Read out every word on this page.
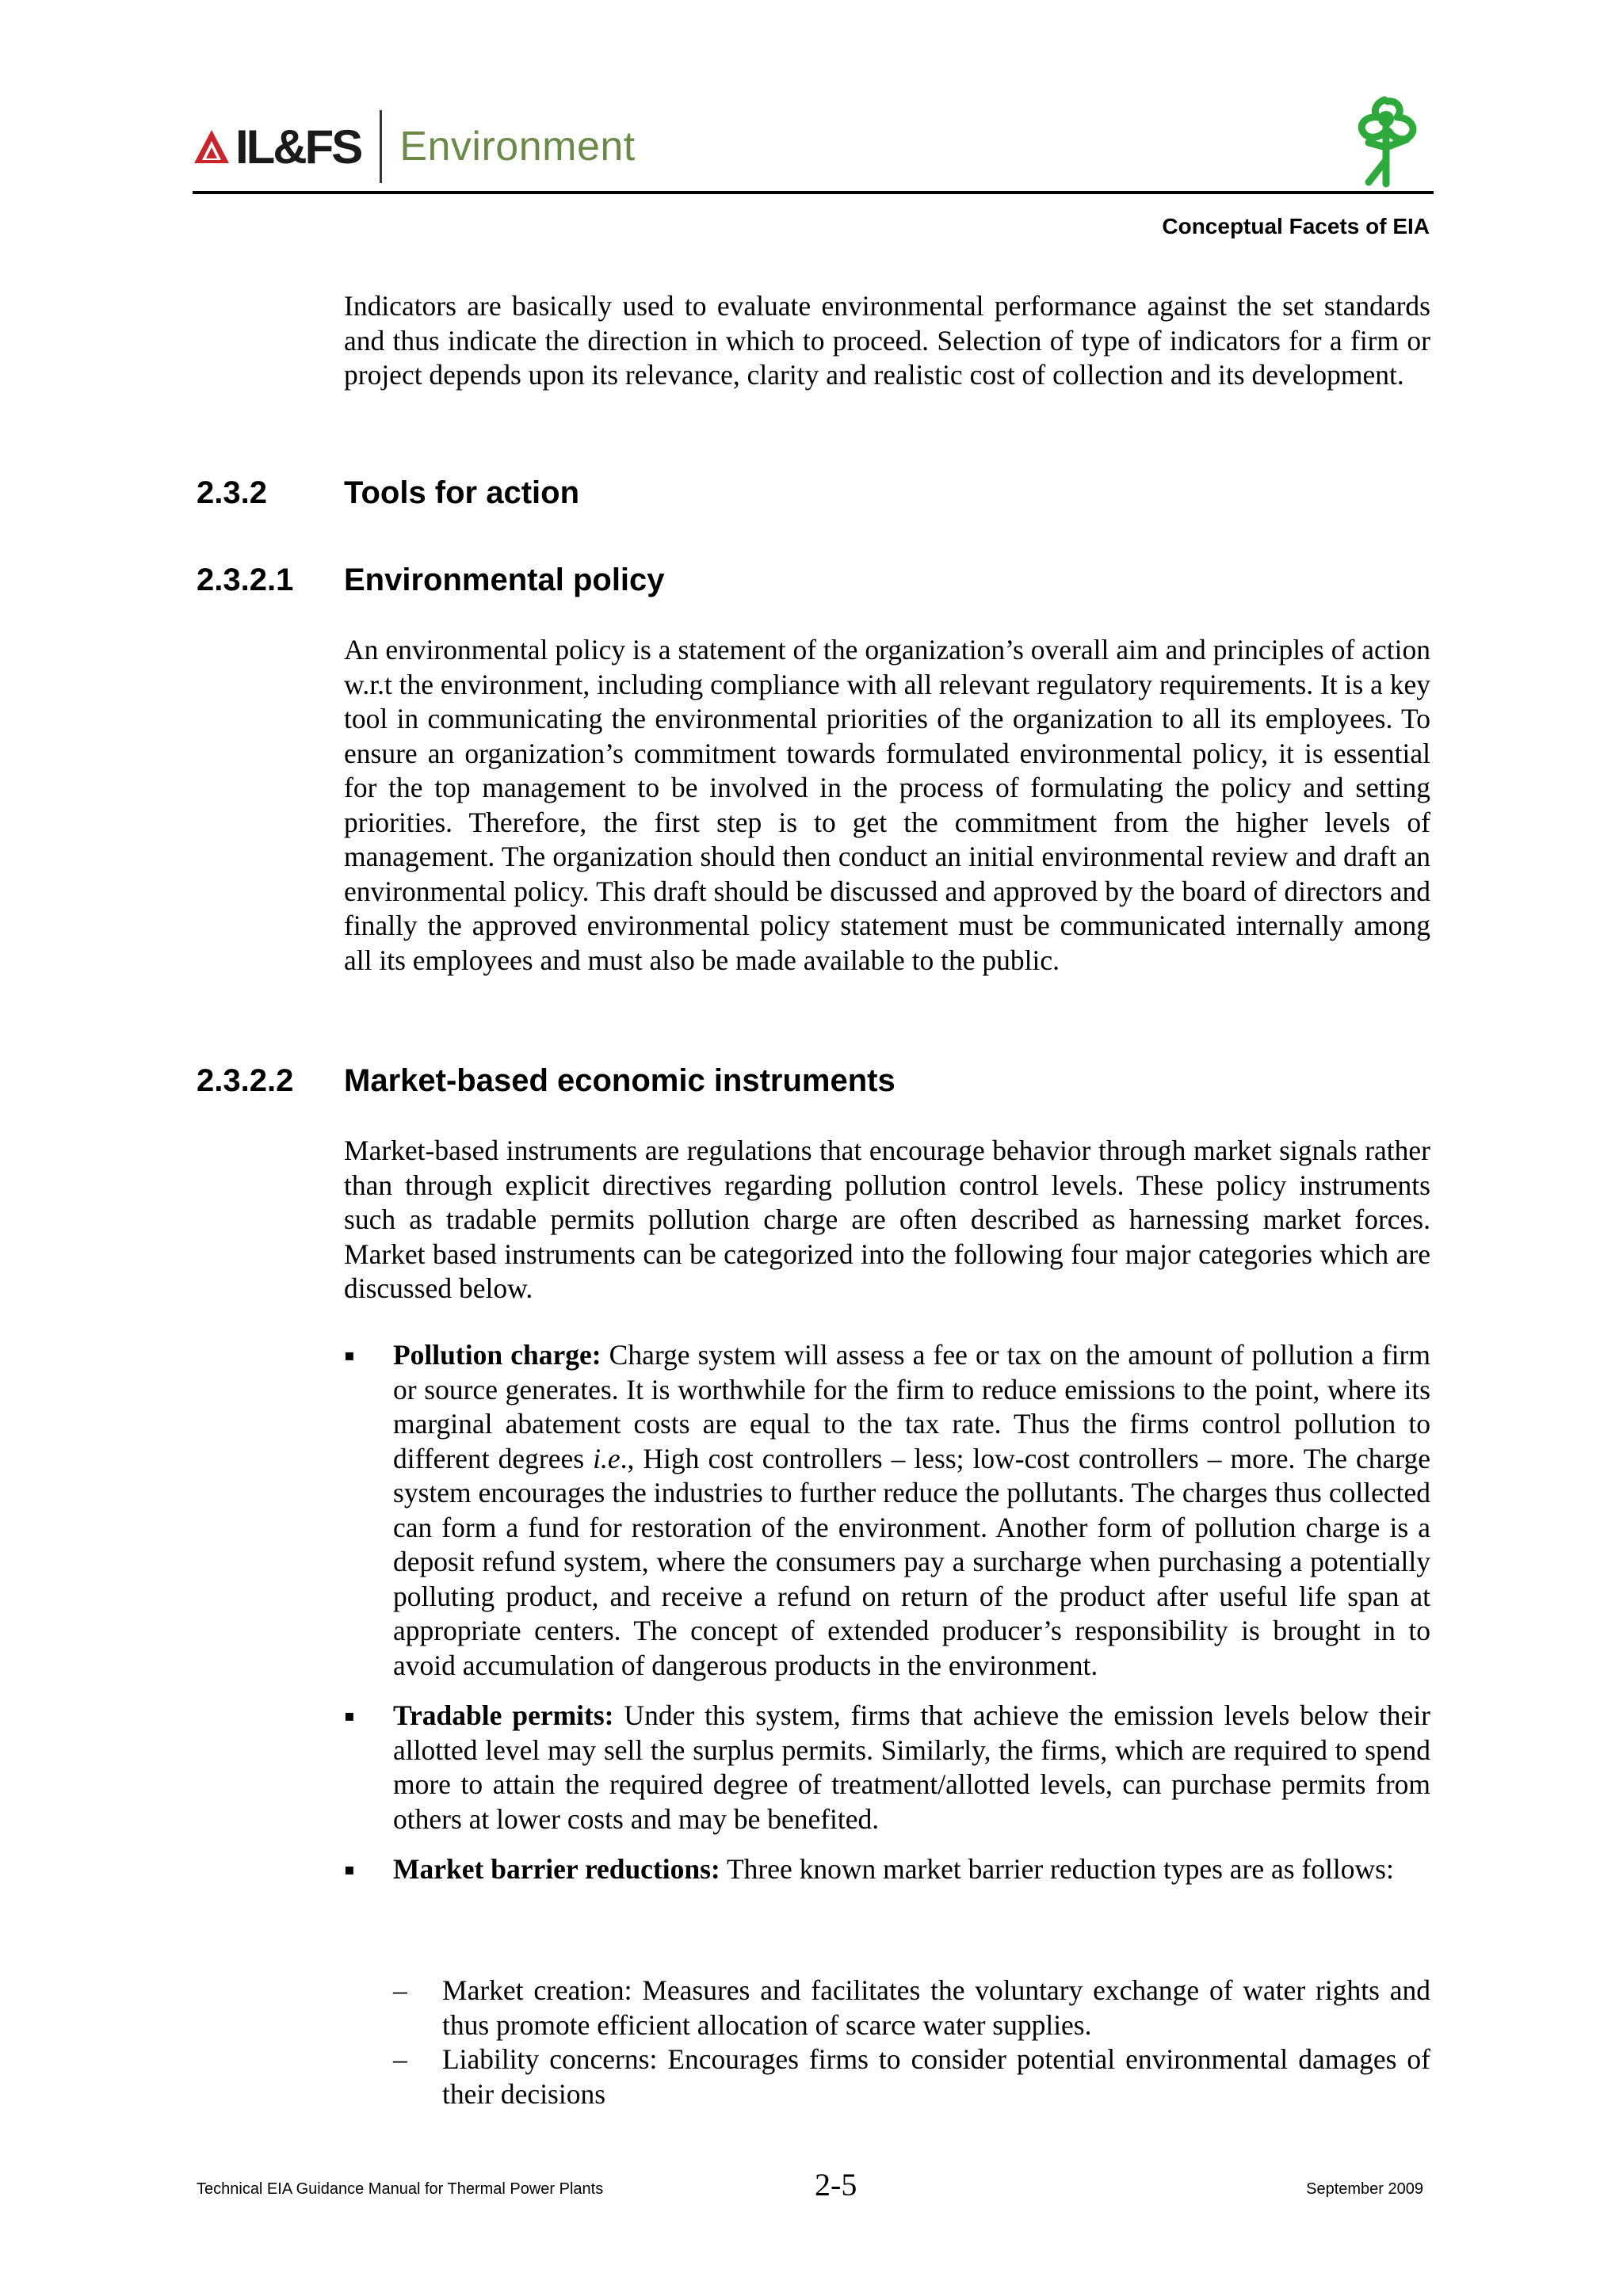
IL&FS Environment
Conceptual Facets of EIA

Indicators are basically used to evaluate environmental performance against the set standards and thus indicate the direction in which to proceed. Selection of type of indicators for a firm or project depends upon its relevance, clarity and realistic cost of collection and its development.

2.3.2 Tools for action
2.3.2.1 Environmental policy

An environmental policy is a statement of the organization’s overall aim and principles of action w.r.t the environment, including compliance with all relevant regulatory requirements. It is a key tool in communicating the environmental priorities of the organization to all its employees. To ensure an organization’s commitment towards formulated environmental policy, it is essential for the top management to be involved in the process of formulating the policy and setting priorities. Therefore, the first step is to get the commitment from the higher levels of management. The organization should then conduct an initial environmental review and draft an environmental policy. This draft should be discussed and approved by the board of directors and finally the approved environmental policy statement must be communicated internally among all its employees and must also be made available to the public.

2.3.2.2 Market-based economic instruments

Market-based instruments are regulations that encourage behavior through market signals rather than through explicit directives regarding pollution control levels. These policy instruments such as tradable permits pollution charge are often described as harnessing market forces. Market based instruments can be categorized into the following four major categories which are discussed below.

▪ Pollution charge: Charge system will assess a fee or tax on the amount of pollution a firm or source generates. It is worthwhile for the firm to reduce emissions to the point, where its marginal abatement costs are equal to the tax rate. Thus the firms control pollution to different degrees i.e., High cost controllers – less; low-cost controllers – more. The charge system encourages the industries to further reduce the pollutants. The charges thus collected can form a fund for restoration of the environment. Another form of pollution charge is a deposit refund system, where the consumers pay a surcharge when purchasing a potentially polluting product, and receive a refund on return of the product after useful life span at appropriate centers. The concept of extended producer’s responsibility is brought in to avoid accumulation of dangerous products in the environment.
▪ Tradable permits: Under this system, firms that achieve the emission levels below their allotted level may sell the surplus permits. Similarly, the firms, which are required to spend more to attain the required degree of treatment/allotted levels, can purchase permits from others at lower costs and may be benefited.
▪ Market barrier reductions: Three known market barrier reduction types are as follows:
– Market creation: Measures and facilitates the voluntary exchange of water rights and thus promote efficient allocation of scarce water supplies.
– Liability concerns: Encourages firms to consider potential environmental damages of their decisions
Technical EIA Guidance Manual for Thermal Power Plants	2-5	September 2009
